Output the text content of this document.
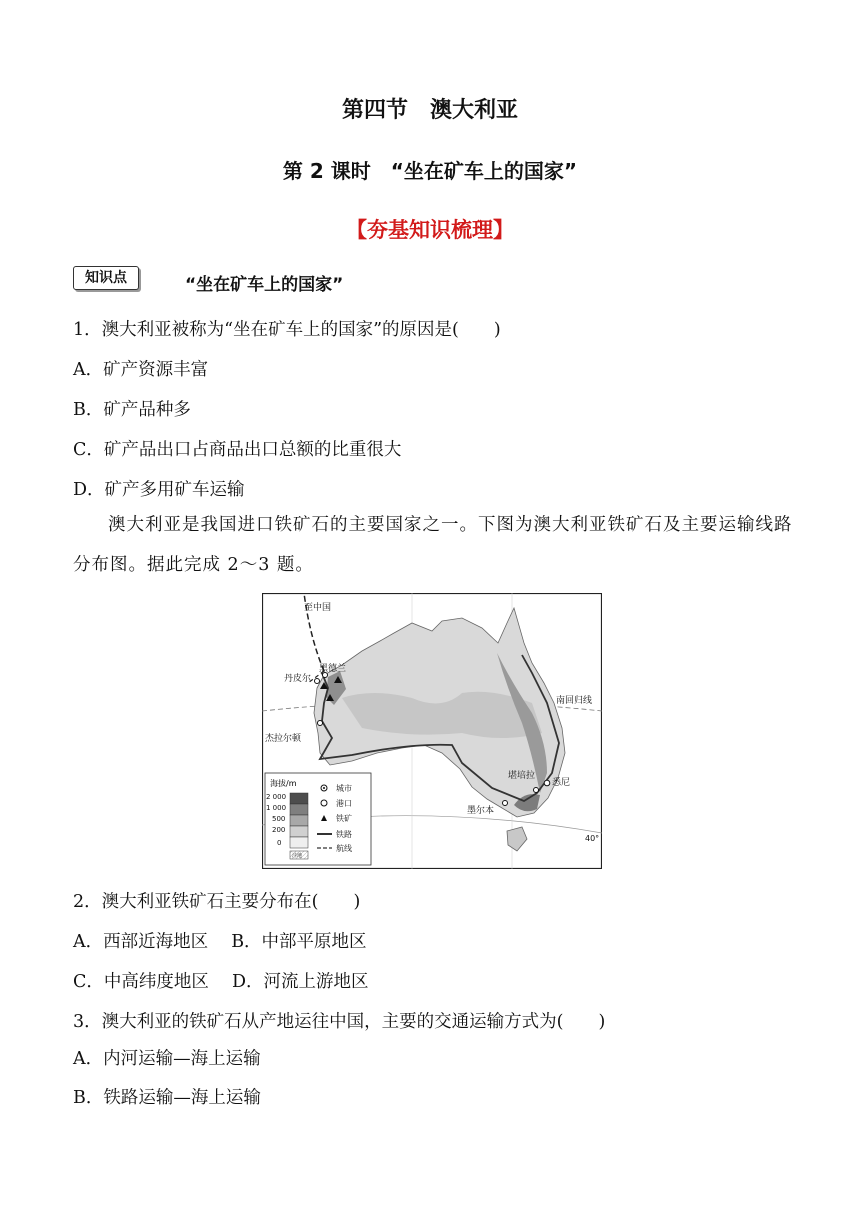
第四节　澳大利亚
第 2 课时　“坐在矿车上的国家”
【夯基知识梳理】
知识点	“坐在矿车上的国家”
1．澳大利亚被称为“坐在矿车上的国家”的原因是(　　)
A．矿产资源丰富
B．矿产品种多
C．矿产品出口占商品出口总额的比重很大
D．矿产多用矿车运输
澳大利亚是我国进口铁矿石的主要国家之一。下图为澳大利亚铁矿石及主要运输线路分布图。据此完成 2～3 题。
至中国 黑德兰 丹皮尔 杰拉尔顿 墨尔本 堪培拉 悉尼 南回归线 40°
海拔/m
2 000 1 000 500 200 0 洼地
城市 港口 铁矿 铁路 航线
2．澳大利亚铁矿石主要分布在(　　)
A．西部近海地区　 B．中部平原地区
C．中高纬度地区　 D．河流上游地区
3．澳大利亚的铁矿石从产地运往中国，主要的交通运输方式为(　　)
A．内河运输—海上运输
B．铁路运输—海上运输
